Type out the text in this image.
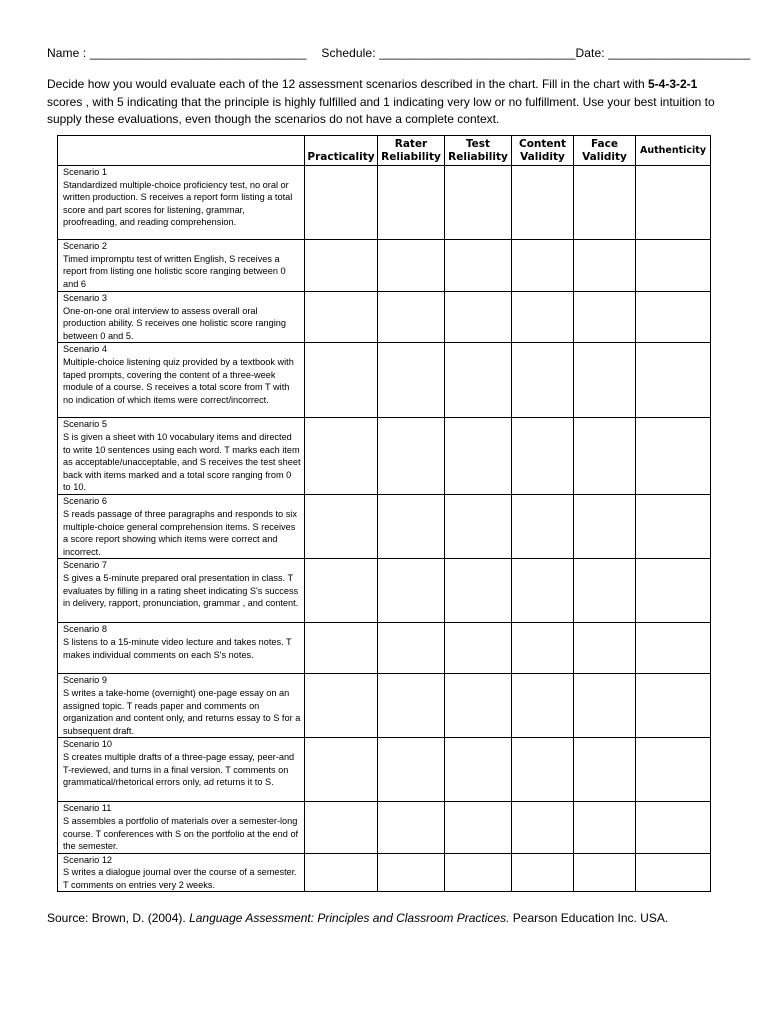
Name : ________________________________ Schedule: _____________________________Date: _____________________
Decide how you would evaluate each of the 12 assessment scenarios described in the chart. Fill in the chart with 5-4-3-2-1 scores , with 5 indicating that the principle is highly fulfilled and 1 indicating very low or no fulfillment. Use your best intuition to supply these evaluations, even though the scenarios do not have a complete context.

	Practicality	Rater Reliability	Test Reliability	Content Validity	Face Validity	Authenticity

Scenario 1
Standardized multiple-choice proficiency test, no oral or written production. S receives a report form listing a total score and part scores for listening, grammar, proofreading, and reading comprehension.						

Scenario 2
Timed impromptu test of written English, S receives a report from listing one holistic score ranging between 0 and 6						

Scenario 3
One-on-one oral interview to assess overall oral production ability. S receives one holistic score ranging between 0 and 5.						

Scenario 4
Multiple-choice listening quiz provided by a textbook with taped prompts, covering the content of a three-week module of a course. S receives a total score from T with no indication of which items were correct/incorrect.						

Scenario 5
S is given a sheet with 10 vocabulary items and directed to write 10 sentences using each word. T marks each item as acceptable/unacceptable, and S receives the test sheet back with items marked and a total score ranging from 0 to 10.						

Scenario 6
S reads passage of three paragraphs and responds to six multiple-choice general comprehension items. S receives a score report showing which items were correct and incorrect.						

Scenario 7
S gives a 5-minute prepared oral presentation in class. T evaluates by filling in a rating sheet indicating S's success in delivery, rapport, pronunciation, grammar , and content.						

Scenario 8
S listens to a 15-minute video lecture and takes notes. T makes individual comments on each S's notes.						

Scenario 9
S writes a take-home (overnight) one-page essay on an assigned topic. T reads paper and comments on organization and content only, and returns essay to S for a subsequent draft.						

Scenario 10
S creates multiple drafts of a three-page essay, peer-and T-reviewed, and turns in a final version. T comments on grammatical/rhetorical errors only, ad returns it to S.						

Scenario 11
S assembles a portfolio of materials over a semester-long course. T conferences with S on the portfolio at the end of the semester.						

Scenario 12
S writes a dialogue journal over the course of a semester. T comments on entries very 2 weeks.						

Source: Brown, D. (2004). Language Assessment: Principles and Classroom Practices. Pearson Education Inc. USA.
